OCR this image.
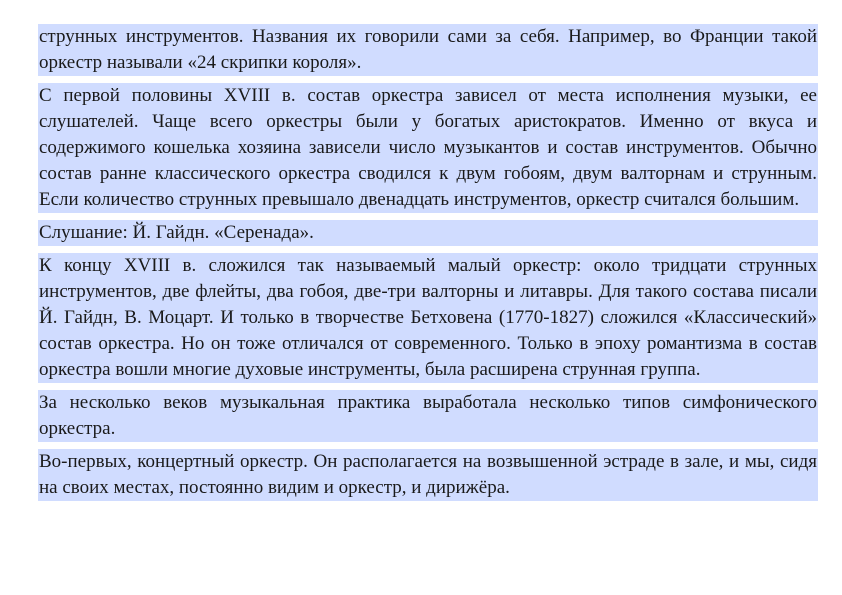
струнных инструментов. Названия их говорили сами за себя. Например, во Франции такой оркестр называли «24 скрипки короля».

С первой половины XVIII в. состав оркестра зависел от места исполнения музыки, ее слушателей. Чаще всего оркестры были у богатых аристократов. Именно от вкуса и содержимого кошелька хозяина зависели число музыкантов и состав инструментов. Обычно состав ранне классического оркестра сводился к двум гобоям, двум валторнам и струнным. Если количество струнных превышало двенадцать инструментов, оркестр считался большим.

Слушание: Й. Гайдн. «Серенада».

К концу XVIII в. сложился так называемый малый оркестр: около тридцати струнных инструментов, две флейты, два гобоя, две-три валторны и литавры. Для такого состава писали Й. Гайдн, В. Моцарт. И только в творчестве Бетховена (1770-1827) сложился «Классический» состав оркестра. Но он тоже отличался от современного. Только в эпоху романтизма в состав оркестра вошли многие духовые инструменты, была расширена струнная группа.

За несколько веков музыкальная практика выработала несколько типов симфонического оркестра.

Во-первых, концертный оркестр. Он располагается на возвышенной эстраде в зале, и мы, сидя на своих местах, постоянно видим и оркестр, и дирижёра.
